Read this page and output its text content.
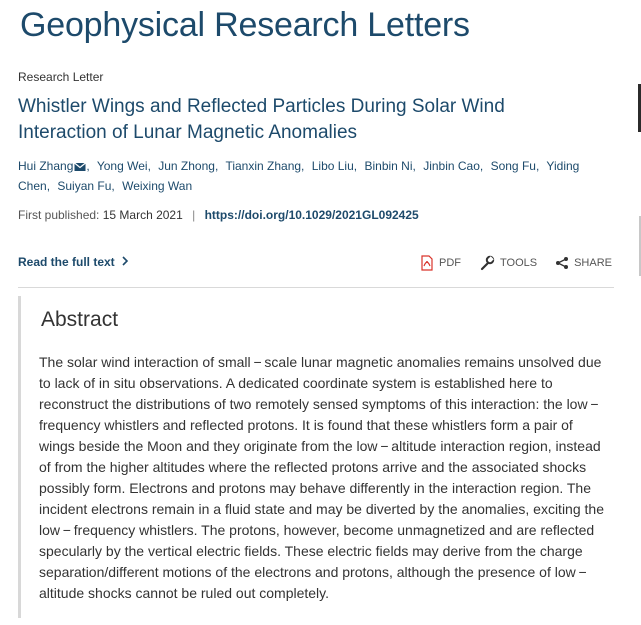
Geophysical Research Letters
Research Letter
Whistler Wings and Reflected Particles During Solar Wind Interaction of Lunar Magnetic Anomalies
Hui Zhang , Yong Wei, Jun Zhong, Tianxin Zhang, Libo Liu, Binbin Ni, Jinbin Cao, Song Fu, Yiding Chen, Suiyan Fu, Weixing Wan
First published: 15 March 2021 | https://doi.org/10.1029/2021GL092425
Read the full text	PDF	TOOLS	SHARE
Abstract

The solar wind interaction of small − scale lunar magnetic anomalies remains unsolved due to lack of in situ observations. A dedicated coordinate system is established here to reconstruct the distributions of two remotely sensed symptoms of this interaction: the low − frequency whistlers and reflected protons. It is found that these whistlers form a pair of wings beside the Moon and they originate from the low − altitude interaction region, instead of from the higher altitudes where the reflected protons arrive and the associated shocks possibly form. Electrons and protons may behave differently in the interaction region. The incident electrons remain in a fluid state and may be diverted by the anomalies, exciting the low − frequency whistlers. The protons, however, become unmagnetized and are reflected specularly by the vertical electric fields. These electric fields may derive from the charge separation/different motions of the electrons and protons, although the presence of low − altitude shocks cannot be ruled out completely.
